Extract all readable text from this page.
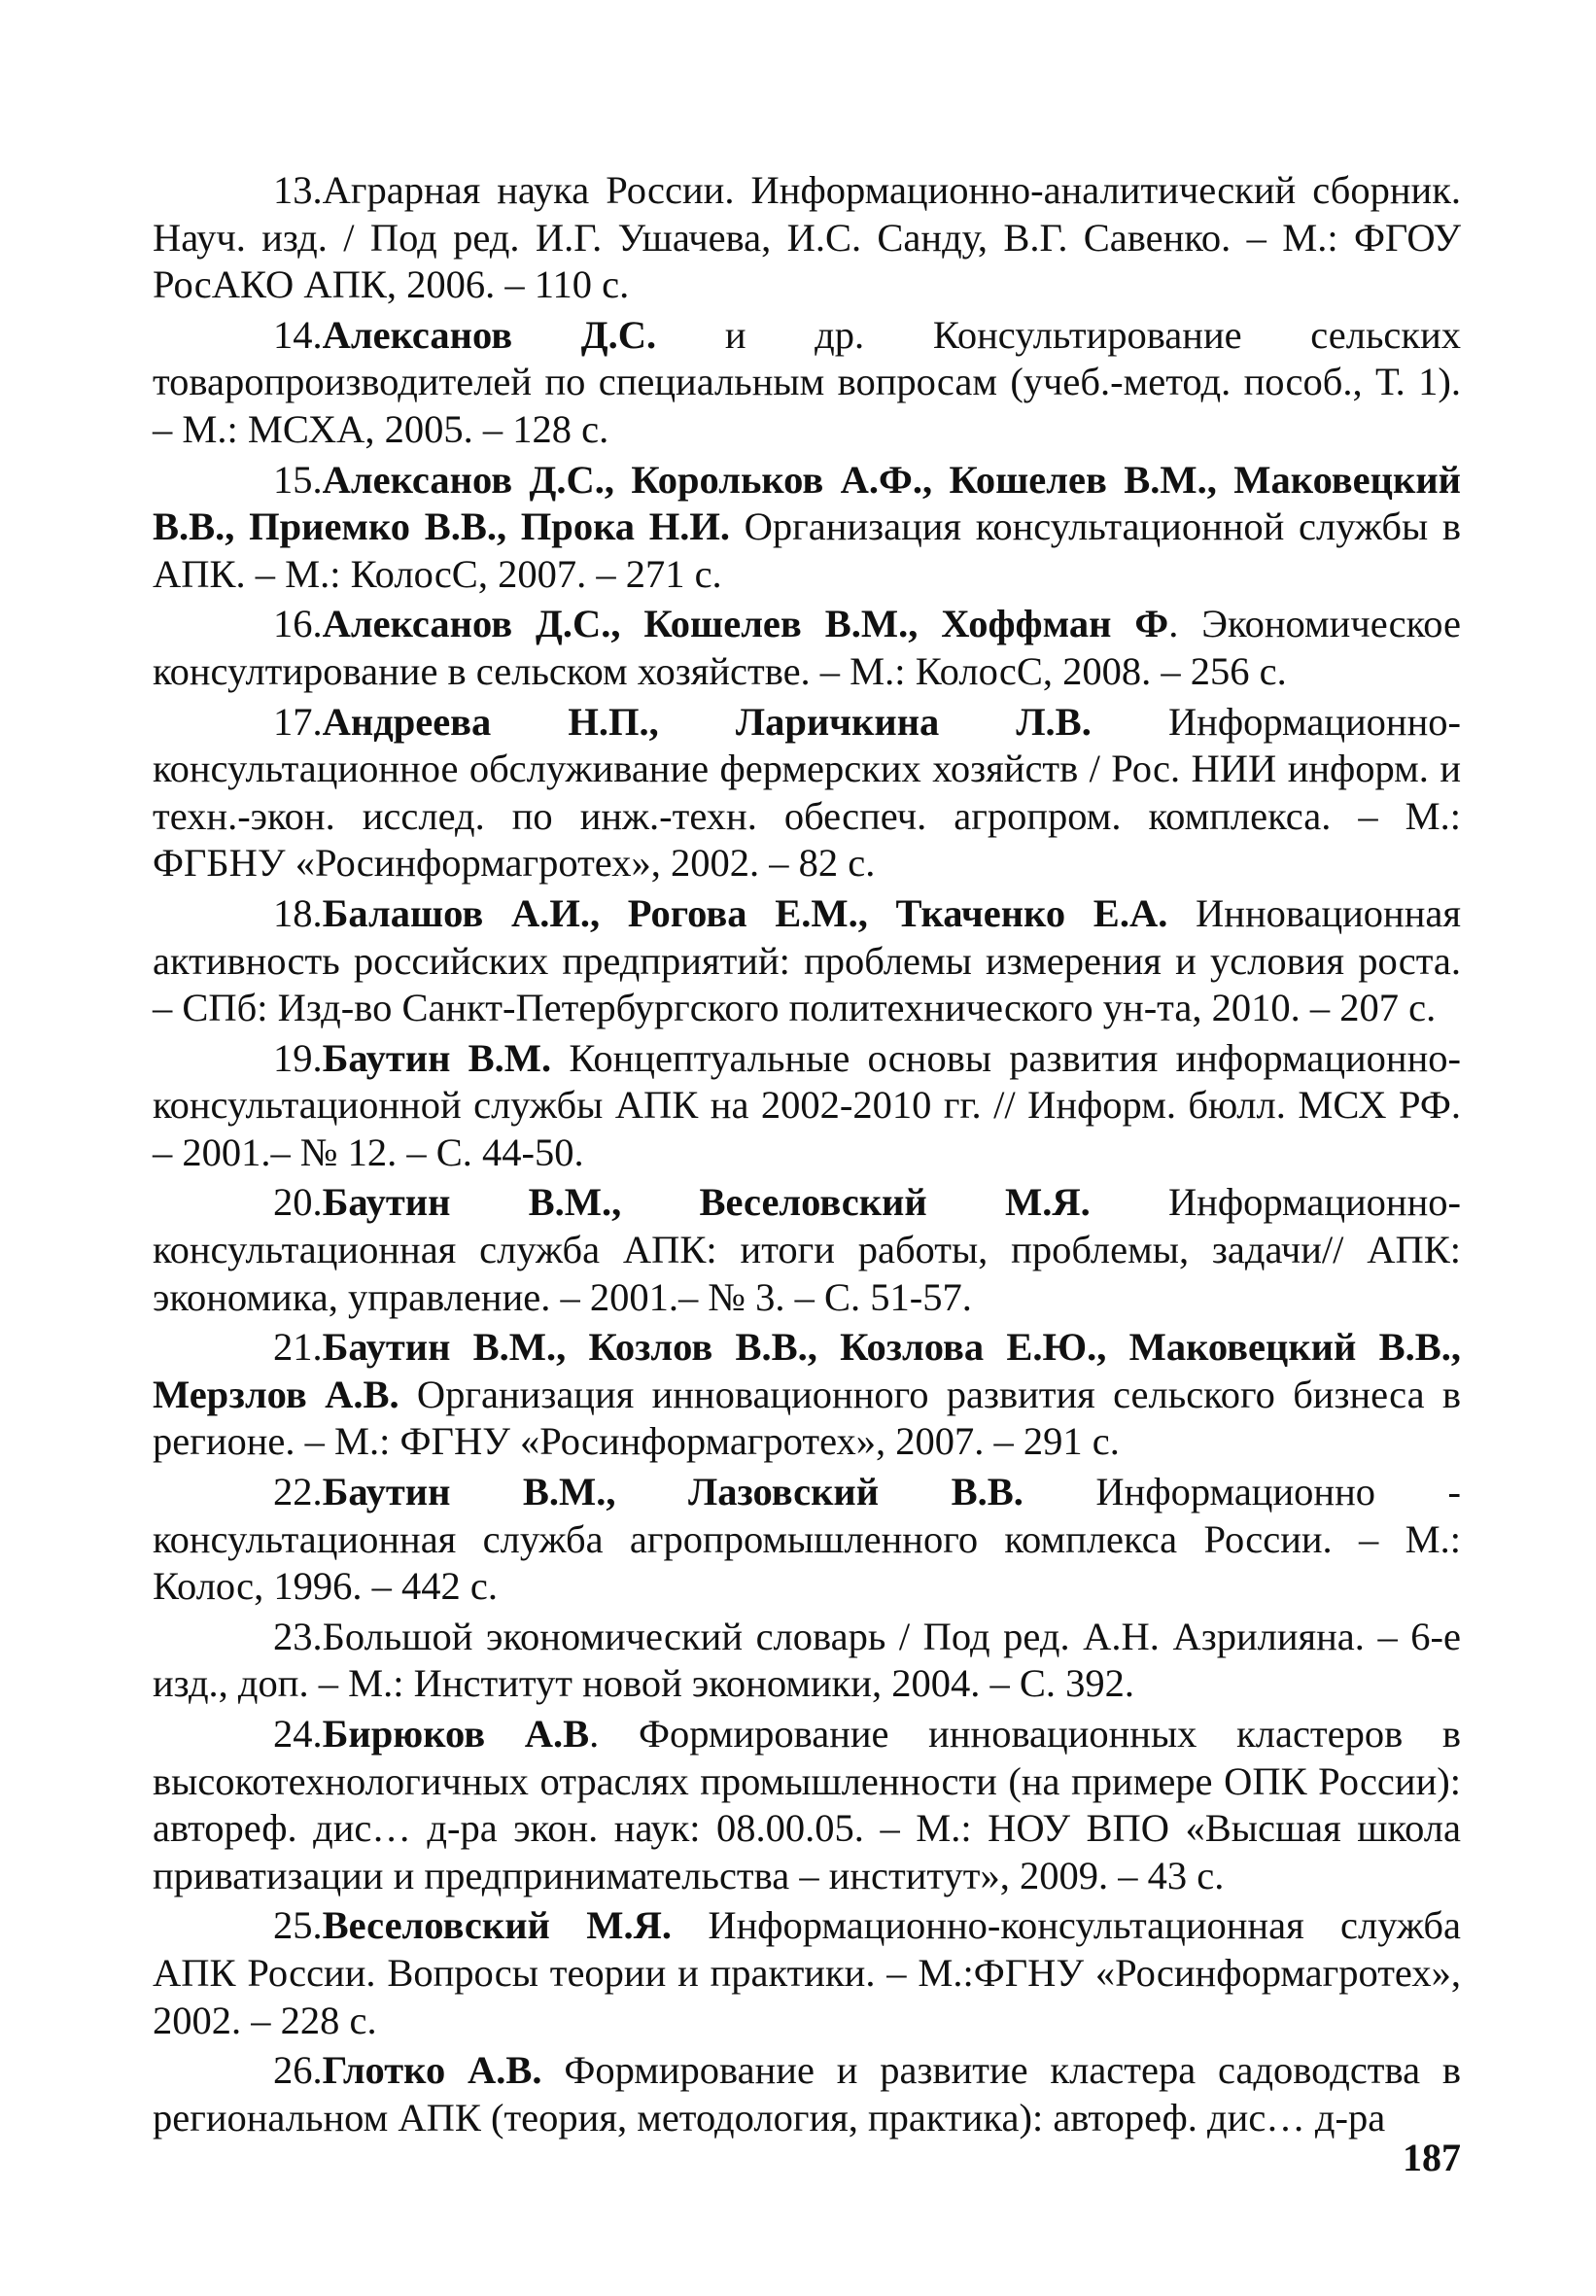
13.Аграрная наука России. Информационно-аналитический сборник. Науч. изд. / Под ред. И.Г. Ушачева, И.С. Санду, В.Г. Савенко. – М.: ФГОУ РосАКО АПК, 2006. – 110 с.

14.Алексанов Д.С. и др. Консультирование сельских товаропроизводителей по специальным вопросам (учеб.-метод. пособ., Т. 1). – М.: МСХА, 2005. – 128 с.

15.Алексанов Д.С., Корольков А.Ф., Кошелев В.М., Маковецкий В.В., Приемко В.В., Прока Н.И. Организация консультационной службы в АПК. – М.: КолосС, 2007. – 271 с.

16.Алексанов Д.С., Кошелев В.М., Хоффман Ф. Экономическое консултирование в сельском хозяйстве. – М.: КолосС, 2008. – 256 с.

17.Андреева Н.П., Ларичкина Л.В. Информационно-консультационное обслуживание фермерских хозяйств / Рос. НИИ информ. и техн.-экон. исслед. по инж.-техн. обеспеч. агропром. комплекса. – М.: ФГБНУ «Росинформагротех», 2002. – 82 с.

18.Балашов А.И., Рогова Е.М., Ткаченко Е.А. Инновационная активность российских предприятий: проблемы измерения и условия роста. – СПб: Изд-во Санкт-Петербургского политехнического ун-та, 2010. – 207 с.

19.Баутин В.М. Концептуальные основы развития информационно-консультационной службы АПК на 2002-2010 гг. // Информ. бюлл. МСХ РФ. – 2001.– № 12. – С. 44-50.

20.Баутин В.М., Веселовский М.Я. Информационно-консультационная служба АПК: итоги работы, проблемы, задачи// АПК: экономика, управление. – 2001.– № 3. – С. 51-57.

21.Баутин В.М., Козлов В.В., Козлова Е.Ю., Маковецкий В.В., Мерзлов А.В. Организация инновационного развития сельского бизнеса в регионе. – М.: ФГНУ «Росинформагротех», 2007. – 291 с.

22.Баутин В.М., Лазовский В.В. Информационно - консультационная служба агропромышленного комплекса России. – М.: Колос, 1996. – 442 с.

23.Большой экономический словарь / Под ред. А.Н. Азрилияна. – 6-е изд., доп. – М.: Институт новой экономики, 2004. – С. 392.

24.Бирюков А.В. Формирование инновационных кластеров в высокотехнологичных отраслях промышленности (на примере ОПК России): автореф. дис… д-ра экон. наук: 08.00.05. – М.: НОУ ВПО «Высшая школа приватизации и предпринимательства – институт», 2009. – 43 с.

25.Веселовский М.Я. Информационно-консультационная служба АПК России. Вопросы теории и практики. – М.:ФГНУ «Росинформагротех», 2002. – 228 с.

26.Глотко А.В. Формирование и развитие кластера садоводства в региональном АПК (теория, методология, практика): автореф. дис… д-ра

187
